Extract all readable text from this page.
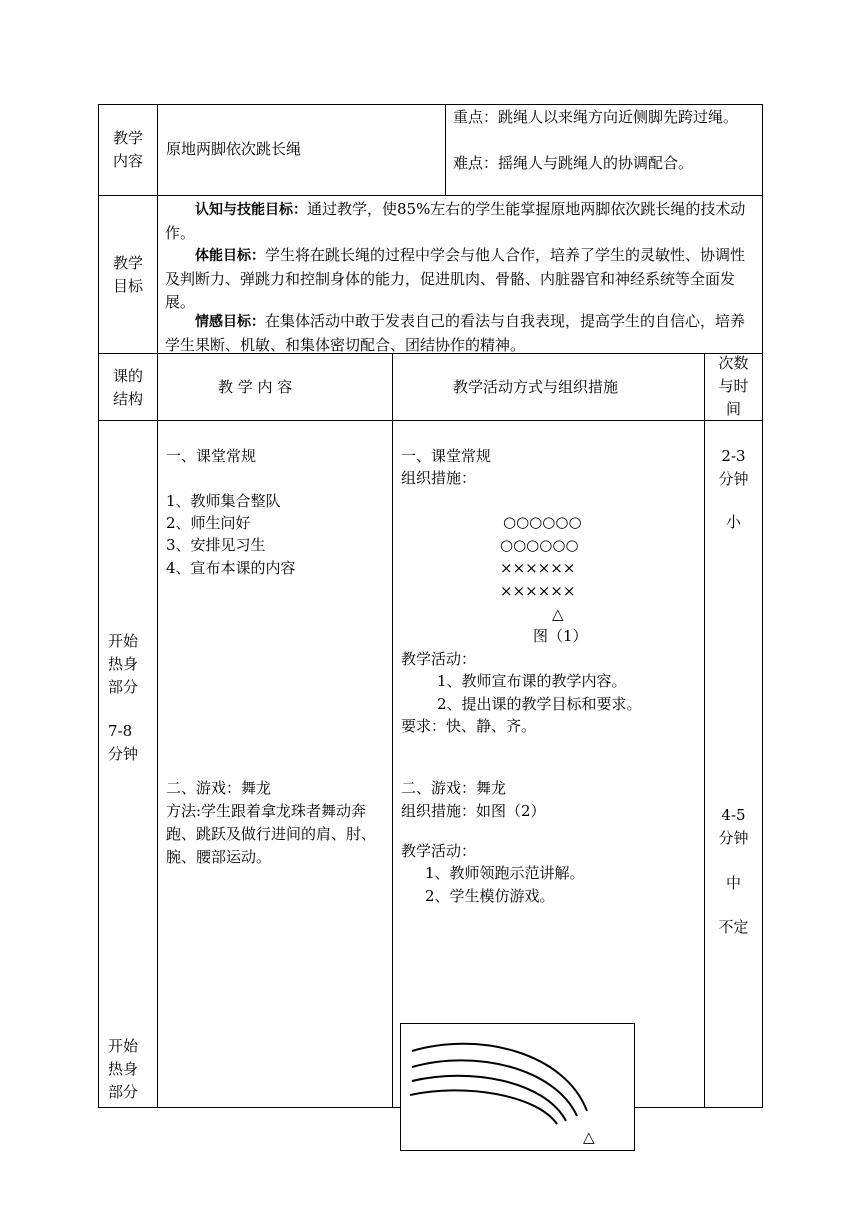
教学
内容
原地两脚依次跳长绳
重点：跳绳人以来绳方向近侧脚先跨过绳。
难点：摇绳人与跳绳人的协调配合。
教学
目标
认知与技能目标：通过教学，使85%左右的学生能掌握原地两脚依次跳长绳的技术动作。
体能目标：学生将在跳长绳的过程中学会与他人合作，培养了学生的灵敏性、协调性及判断力、弹跳力和控制身体的能力，促进肌肉、骨骼、内脏器官和神经系统等全面发展。
情感目标：在集体活动中敢于发表自己的看法与自我表现，提高学生的自信心，培养学生果断、机敏、和集体密切配合、团结协作的精神。
课的
结构
教 学 内 容	教学活动方式与组织措施
次数
与时
间
开始
热身
部分
7-8
分钟
开始
热身
部分
一、课堂常规
1、教师集合整队
2、师生问好
3、安排见习生
4、宣布本课的内容
二、游戏：舞龙
方法:学生跟着拿龙珠者舞动奔跑、跳跃及做行进间的肩、肘、腕、腰部运动。
一、课堂常规
组织措施：
○○○○○○
○○○○○○
××××××
××××××
△
图（1）
教学活动：
1、教师宣布课的教学内容。
2、提出课的教学目标和要求。
要求：快、静、齐。
二、游戏：舞龙
组织措施：如图（2）
教学活动：
1、教师领跑示范讲解。
2、学生模仿游戏。
△
2-3
分钟
小
4-5
分钟
中
不定
